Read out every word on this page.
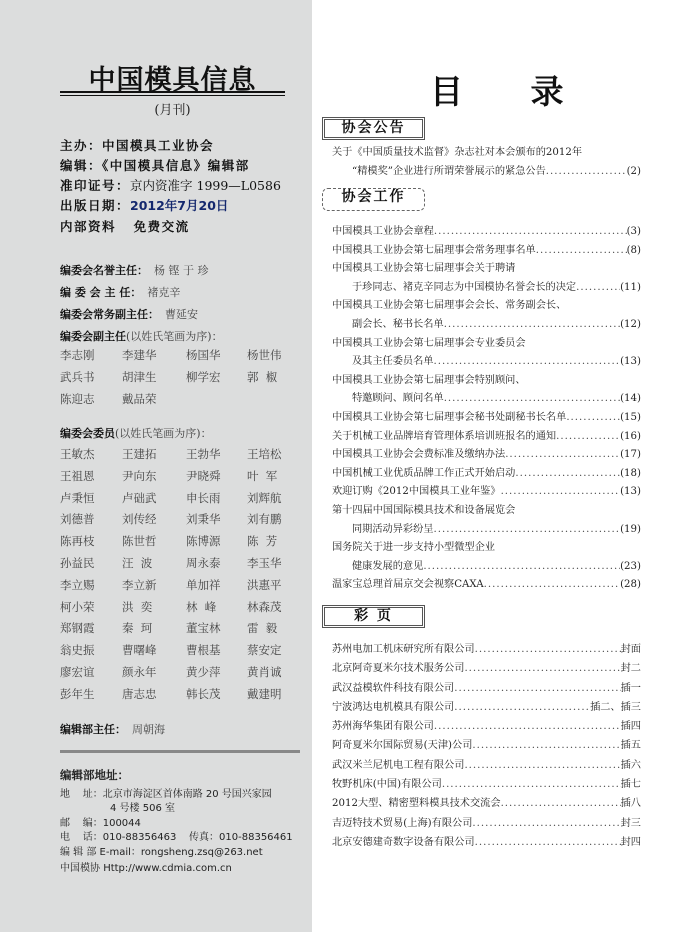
中国模具信息
(月刊)
主办：中国模具工业协会
编辑：《中国模具信息》编辑部
准印证号：京内资准字 1999—L0586
出版日期：2012年7月20日
内部资料 免费交流
编委会名誉主任： 杨 铿 于 珍
编 委 会 主 任： 褚克辛
编委会常务副主任： 曹延安
编委会副主任(以姓氏笔画为序)：
李志刚	李建华	杨国华	杨世伟
武兵书	胡津生	柳学宏	郭  椒
陈迎志	戴品荣
编委会委员(以姓氏笔画为序)：
王敏杰	王建拓	王勃华	王培松
王祖恩	尹向东	尹晓舜	叶  军
卢秉恒	卢础武	申长雨	刘辉航
刘德普	刘传经	刘秉华	刘有鹏
陈再枝	陈世哲	陈博源	陈  芳
孙益民	汪  波	周永泰	李玉华
李立赐	李立新	单加祥	洪惠平
柯小荣	洪  奕	林  峰	林森茂
郑钢霞	秦  珂	董宝林	雷  毅
翁史振	曹曙峰	曹根基	蔡安定
廖宏谊	颜永年	黄少萍	黄肖诚
彭年生	唐志忠	韩长茂	戴建明
编辑部主任： 周朝海
编辑部地址：
地    址：北京市海淀区首体南路 20 号国兴家园
4 号楼 506 室
邮    编：100044
电    话：010-88356463 传真：010-88356461
编 辑 部 E-mail：rongsheng.zsq@263.net
中国模协 Http://www.cdmia.com.cn
目 录
协会公告
关于《中国质量技术监督》杂志社对本会颁布的2012年
“精模奖”企业进行所谓荣誉展示的紧急公告 .....	(2)
协会工作
中国模具工业协会章程 .....	(3)
中国模具工业协会第七届理事会常务理事名单 .....	(8)
中国模具工业协会第七届理事会关于聘请
于珍同志、褚克辛同志为中国模协名誉会长的决定 .....	(11)
中国模具工业协会第七届理事会会长、常务副会长、
副会长、秘书长名单 .....	(12)
中国模具工业协会第七届理事会专业委员会
及其主任委员名单 .....	(13)
中国模具工业协会第七届理事会特别顾问、
特邀顾问、顾问名单 .....	(14)
中国模具工业协会第七届理事会秘书处副秘书长名单 .....	(15)
关于机械工业品牌培育管理体系培训班报名的通知 .....	(16)
中国模具工业协会会费标准及缴纳办法 .....	(17)
中国机械工业优质品牌工作正式开始启动 .....	(18)
欢迎订购《2012中国模具工业年鉴》 .....	(13)
第十四届中国国际模具技术和设备展览会
同期活动异彩纷呈 .....	(19)
国务院关于进一步支持小型微型企业
健康发展的意见 .....	(23)
温家宝总理首届京交会视察CAXA .....	(28)
彩 页
苏州电加工机床研究所有限公司 .....	封面
北京阿奇夏米尔技术服务公司 .....	封二
武汉益模软件科技有限公司 .....	插一
宁波鸿达电机模具有限公司 .....	插二、插三
苏州海华集团有限公司 .....	插四
阿奇夏米尔国际贸易(天津)公司 .....	插五
武汉米兰尼机电工程有限公司 .....	插六
牧野机床(中国)有限公司 .....	插七
2012大型、精密塑料模具技术交流会 .....	插八
吉迈特技术贸易(上海)有限公司 .....	封三
北京安德建奇数字设备有限公司 .....	封四
